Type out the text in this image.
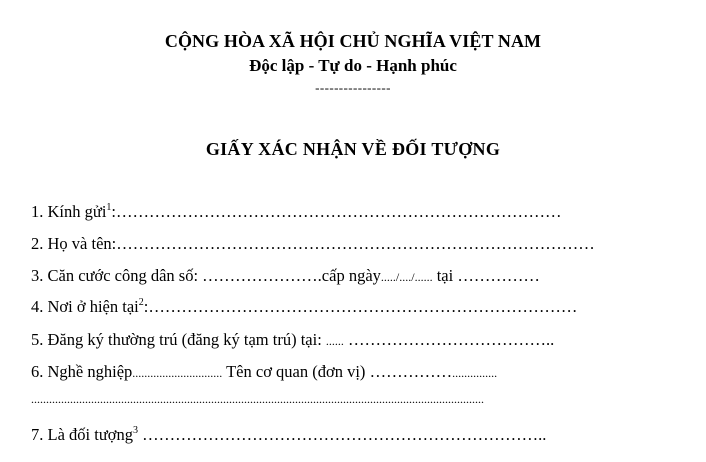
CỘNG HÒA XÃ HỘI CHỦ NGHĨA VIỆT NAM
Độc lập - Tự do - Hạnh phúc
----------------
GIẤY XÁC NHẬN VỀ ĐỐI TƯỢNG
1. Kính gửi$^1$:………………………………………………………………………
2. Họ và tên:……………………………………………………………………………
3. Căn cước công dân số: ………………….cấp ngày...../..../...... tại ……………
4. Nơi ở hiện tại$^2$:……………………………………………………………………
5. Đăng ký thường trú (đăng ký tạm trú) tại: ...... ………………………………..
6. Nghề nghiệp.............................. Tên cơ quan (đơn vị) ……………...............
.......................................................................................................................................................
7. Là đối tượng$^3$ ………………………………………………………………..
